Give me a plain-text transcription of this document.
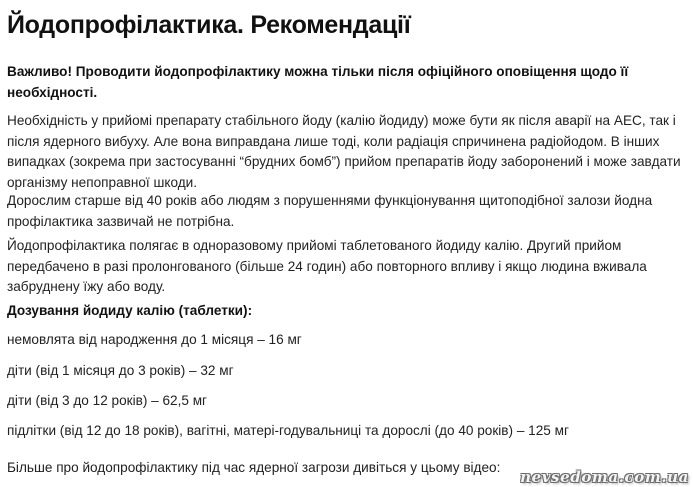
Йодопрофілактика. Рекомендації

Важливо! Проводити йодопрофілактику можна тільки після офіційного оповіщення щодо її необхідності.

Необхідність у прийомі препарату стабільного йоду (калію йодиду) може бути як після аварії на АЕС, так і після ядерного вибуху. Але вона виправдана лише тоді, коли радіація спричинена радіойодом. В інших випадках (зокрема при застосуванні “брудних бомб”) прийом препаратів йоду заборонений і може завдати організму непоправної шкоди.

Дорослим старше від 40 років або людям з порушеннями функціонування щитоподібної залози йодна профілактика зазвичай не потрібна.

Йодопрофілактика полягає в одноразовому прийомі таблетованого йодиду калію. Другий прийом передбачено в разі пролонгованого (більше 24 годин) або повторного впливу і якщо людина вживала забруднену їжу або воду.

Дозування йодиду калію (таблетки):

немовлята від народження до 1 місяця – 16 мг

діти (від 1 місяця до 3 років) – 32 мг

діти (від 3 до 12 років) – 62,5 мг

підлітки (від 12 до 18 років), вагітні, матері-годувальниці та дорослі (до 40 років) – 125 мг

Більше про йодопрофілактику під час ядерної загрози дивіться у цьому відео:

nevsedoma.com.ua
